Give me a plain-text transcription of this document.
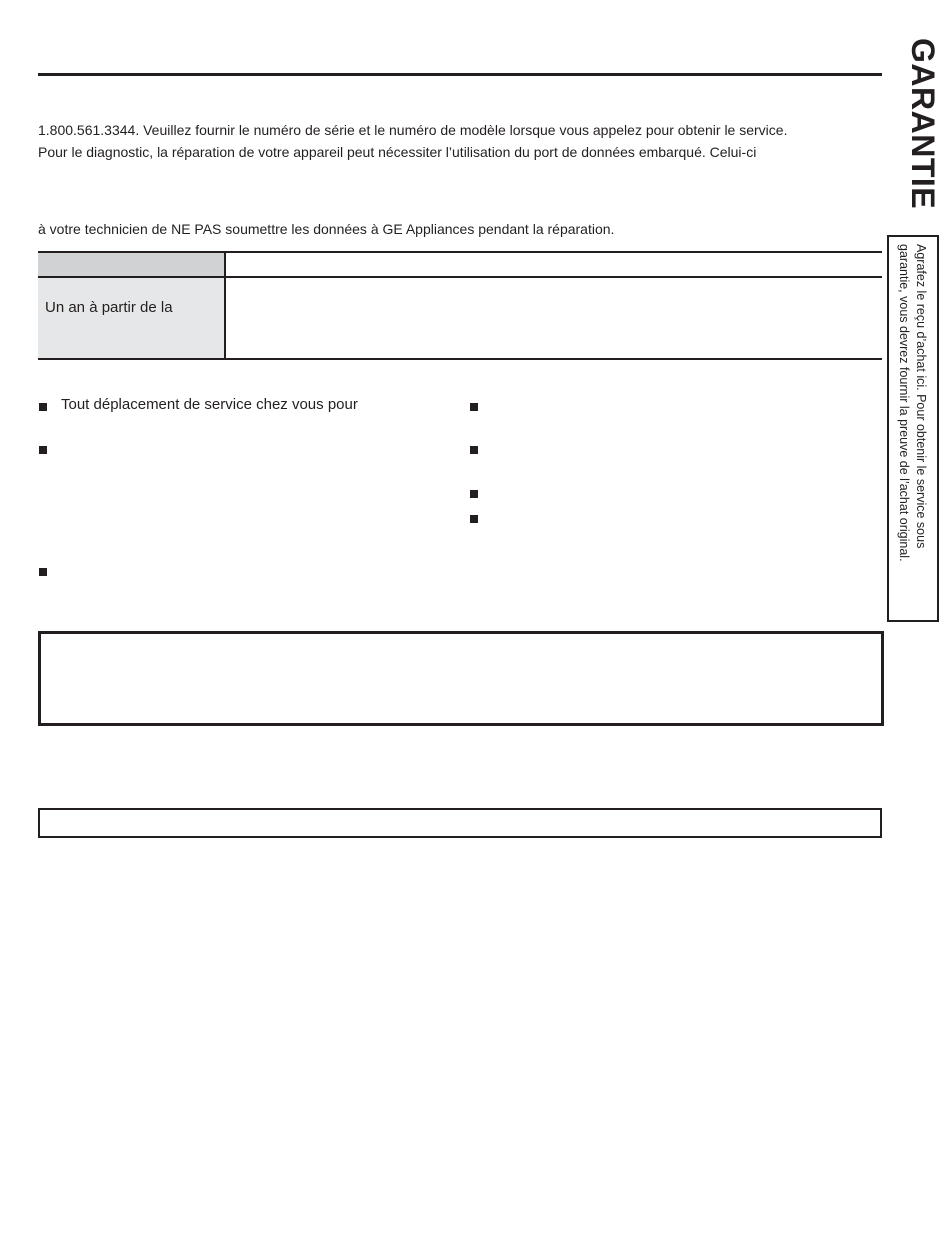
1.800.561.3344. Veuillez fournir le numéro de série et le numéro de modèle lorsque vous appelez pour obtenir le service.
Pour le diagnostic, la réparation de votre appareil peut nécessiter l’utilisation du port de données embarqué. Celui-ci
à votre technicien de NE PAS soumettre les données à GE Appliances pendant la réparation.
Un an à partir de la
Tout déplacement de service chez vous pour
GARANTIE
Agrafez le reçu d’achat ici. Pour obtenir le service sous
garantie, vous devrez fournir la preuve de l’achat original.
